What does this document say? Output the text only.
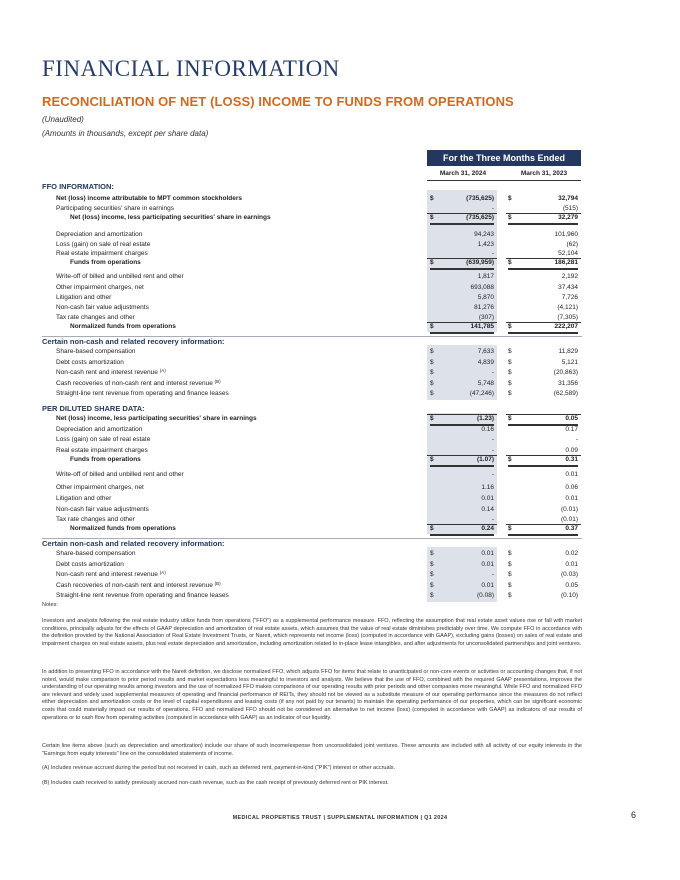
FINANCIAL INFORMATION
RECONCILIATION OF NET (LOSS) INCOME TO FUNDS FROM OPERATIONS
(Unaudited)
(Amounts in thousands, except per share data)
For the Three Months Ended
March 31, 2024	March 31, 2023
FFO INFORMATION:
Net (loss) income attributable to MPT common stockholders	$	(735,625) $	32,794
Participating securities' share in earnings	-	(515)
Net (loss) income, less participating securities' share in earnings	$	(735,625) $	32,279
Depreciation and amortization	94,243	101,960
Loss (gain) on sale of real estate	1,423	(62)
Real estate impairment charges	-	52,104
Funds from operations	$	(639,959) $	186,281
Write-off of billed and unbilled rent and other	1,817	2,192
Other impairment charges, net	693,088	37,434
Litigation and other	5,870	7,726
Non-cash fair value adjustments	81,276	(4,121)
Tax rate changes and other	(307)	(7,305)
Normalized funds from operations	$	141,785 $	222,207
Certain non-cash and related recovery information:
Share-based compensation	$	7,633 $	11,829
Debt costs amortization	$	4,839 $	5,121
Non-cash rent and interest revenue $^{(A)}$	$	- $	(20,863)
Cash recoveries of non-cash rent and interest revenue $^{(B)}$	$	5,748 $	31,356
Straight-line rent revenue from operating and finance leases	$	(47,246) $	(62,589)
PER DILUTED SHARE DATA:
Net (loss) income, less participating securities' share in earnings	$	(1.23) $	0.05
Depreciation and amortization	0.16	0.17
Loss (gain) on sale of real estate	-	-
Real estate impairment charges	-	0.09
Funds from operations	$	(1.07) $	0.31
Write-off of billed and unbilled rent and other	-	0.01
Other impairment charges, net	1.16	0.06
Litigation and other	0.01	0.01
Non-cash fair value adjustments	0.14	(0.01)
Tax rate changes and other	-	(0.01)
Normalized funds from operations	$	0.24 $	0.37
Certain non-cash and related recovery information:
Share-based compensation	$	0.01 $	0.02
Debt costs amortization	$	0.01 $	0.01
Non-cash rent and interest revenue $^{(A)}$	$	- $	(0.03)
Cash recoveries of non-cash rent and interest revenue $^{(B)}$	$	0.01 $	0.05
Straight-line rent revenue from operating and finance leases	$	(0.08) $	(0.10)
Notes:
Investors and analysts following the real estate industry utilize funds from operations ("FFO") as a supplemental performance measure. FFO, reflecting the assumption that real estate asset values rise or fall with market conditions, principally adjusts for the effects of GAAP depreciation and amortization of real estate assets, which assumes that the value of real estate diminishes predictably over time. We compute FFO in accordance with the definition provided by the National Association of Real Estate Investment Trusts, or Nareit, which represents net income (loss) (computed in accordance with GAAP), excluding gains (losses) on sales of real estate and impairment charges on real estate assets, plus real estate depreciation and amortization, including amortization related to in-place lease intangibles, and after adjustments for unconsolidated partnerships and joint ventures.
In addition to presenting FFO in accordance with the Nareit definition, we disclose normalized FFO, which adjusts FFO for items that relate to unanticipated or non-core events or activities or accounting changes that, if not noted, would make comparison to prior period results and market expectations less meaningful to investors and analysts. We believe that the use of FFO, combined with the required GAAP presentations, improves the understanding of our operating results among investors and the use of normalized FFO makes comparisons of our operating results with prior periods and other companies more meaningful. While FFO and normalized FFO are relevant and widely used supplemental measures of operating and financial performance of REITs, they should not be viewed as a substitute measure of our operating performance since the measures do not reflect either depreciation and amortization costs or the level of capital expenditures and leasing costs (if any not paid by our tenants) to maintain the operating performance of our properties, which can be significant economic costs that could materially impact our results of operations. FFO and normalized FFO should not be considered an alternative to net income (loss) (computed in accordance with GAAP) as indicators of our results of operations or to cash flow from operating activities (computed in accordance with GAAP) as an indicator of our liquidity.
Certain line items above (such as depreciation and amortization) include our share of such income/expense from unconsolidated joint ventures. These amounts are included with all activity of our equity interests in the "Earnings from equity interests" line on the consolidated statements of income.
(A) Includes revenue accrued during the period but not received in cash, such as deferred rent, payment-in-kind ("PIK") interest or other accruals.
(B) Includes cash received to satisfy previously accrued non-cash revenue, such as the cash receipt of previously deferred rent or PIK interest.
MEDICAL PROPERTIES TRUST | SUPPLEMENTAL INFORMATION | Q1 2024	6
